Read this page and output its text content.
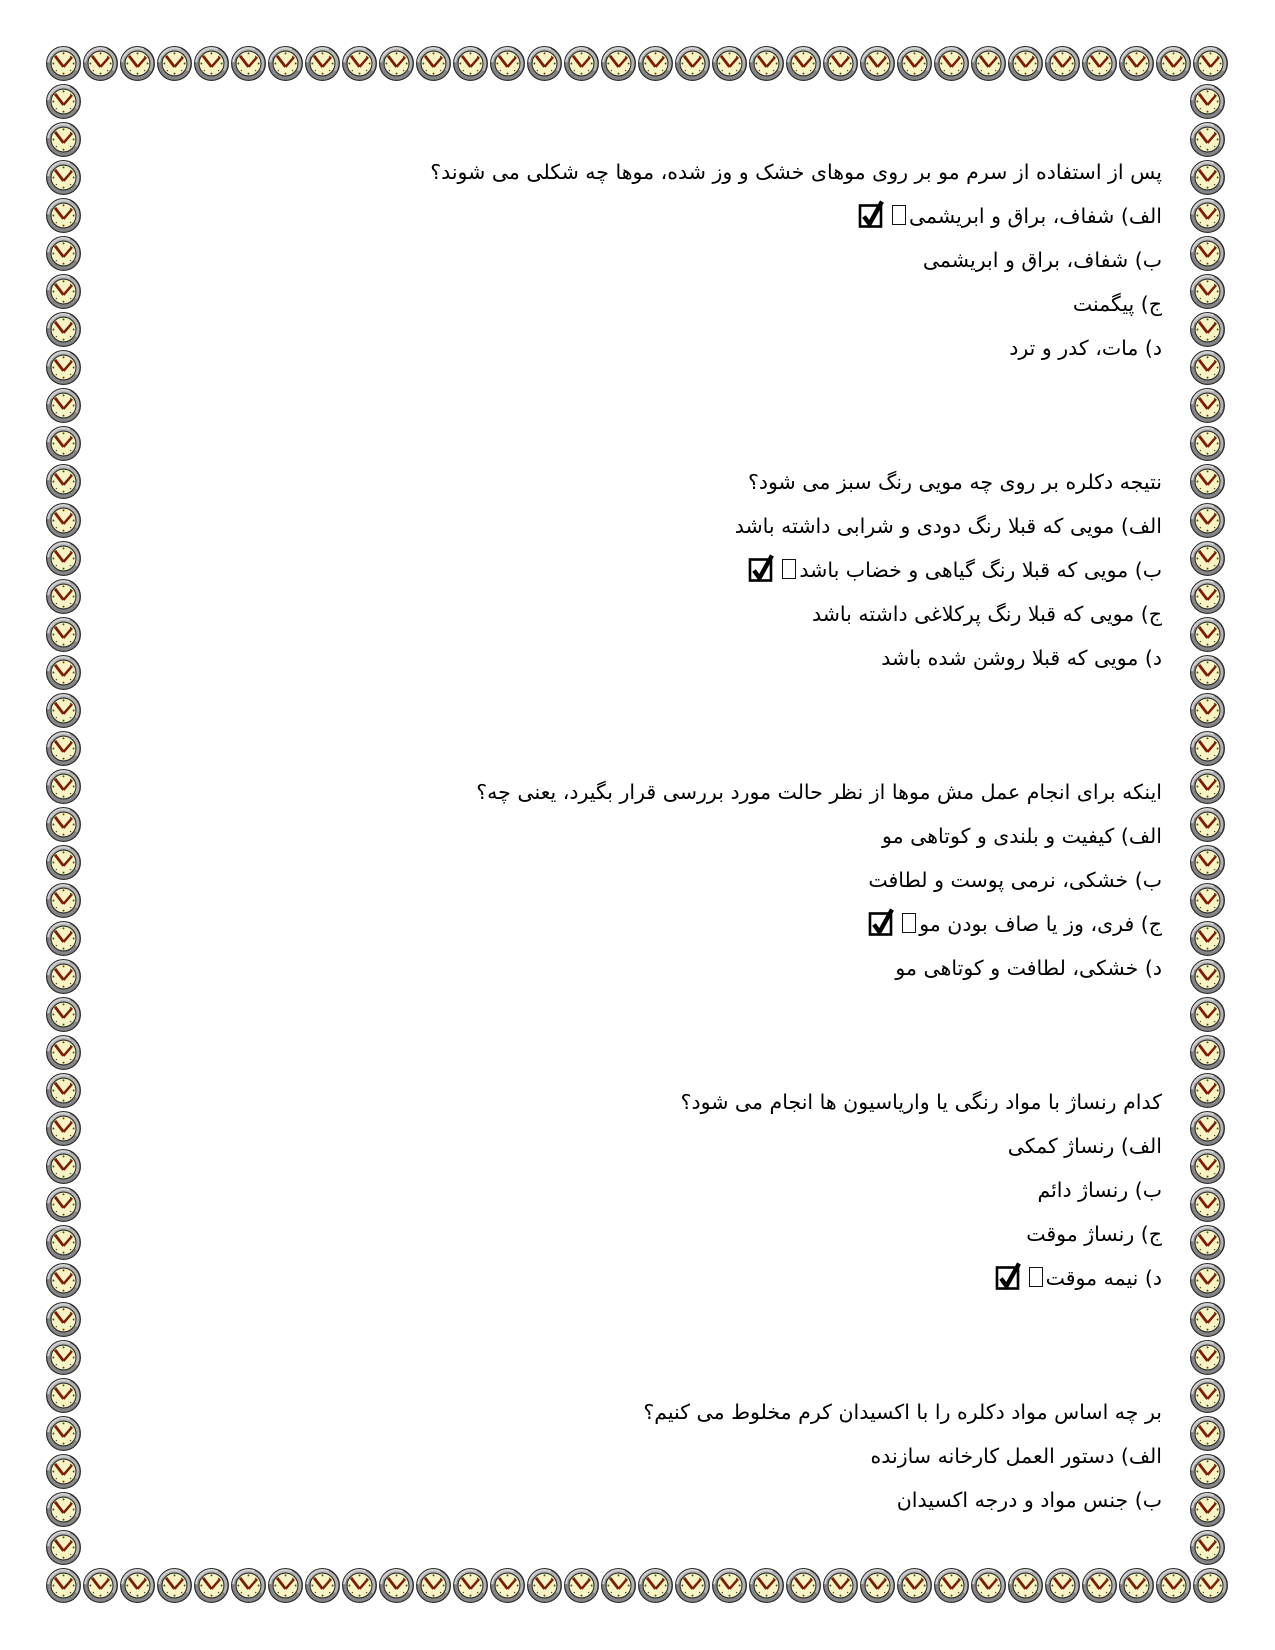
پس از استفاده از سرم مو بر روی موهای خشک و وز شده، موها چه شکلی می شوند؟

الف) شفاف، براق و ابریشمی

ب) شفاف، براق و ابریشمی

ج) پیگمنت

د) مات، کدر و ترد

نتیجه دکلره بر روی چه مویی رنگ سبز می شود؟

الف) مویی که قبلا رنگ دودی و شرابی داشته باشد

ب) مویی که قبلا رنگ گیاهی و خضاب باشد

ج) مویی که قبلا رنگ پرکلاغی داشته باشد

د) مویی که قبلا روشن شده باشد

اینکه برای انجام عمل مش موها از نظر حالت مورد بررسی قرار بگیرد، یعنی چه؟

الف) کیفیت و بلندی و کوتاهی مو

ب) خشکی، نرمی پوست و لطافت

ج) فری، وز یا صاف بودن مو

د) خشکی، لطافت و کوتاهی مو

کدام رنساژ با مواد رنگی یا واریاسیون ها انجام می شود؟

الف) رنساژ کمکی

ب) رنساژ دائم

ج) رنساژ موقت

د) نیمه موقت

بر چه اساس مواد دکلره را با اکسیدان کرم مخلوط می کنیم؟

الف) دستور العمل کارخانه سازنده

ب) جنس مواد و درجه اکسیدان
